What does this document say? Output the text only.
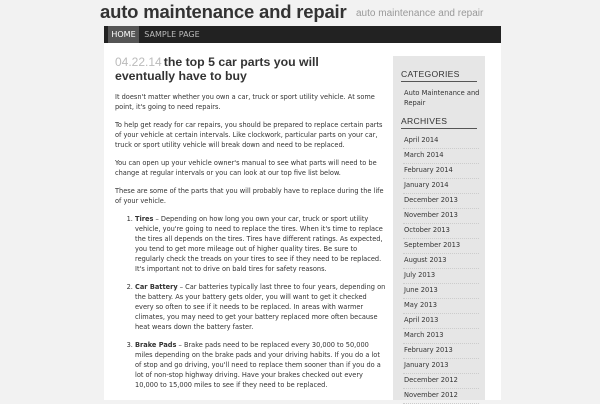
auto maintenance and repair auto maintenance and repair
HOME	SAMPLE PAGE
04.22.14 the top 5 car parts you will
eventually have to buy

It doesn't matter whether you own a car, truck or sport utility vehicle. At some point, it's going to need repairs.

To help get ready for car repairs, you should be prepared to replace certain parts of your vehicle at certain intervals. Like clockwork, particular parts on your car, truck or sport utility vehicle will break down and need to be replaced.

You can open up your vehicle owner's manual to see what parts will need to be change at regular intervals or you can look at our top five list below.

These are some of the parts that you will probably have to replace during the life of your vehicle.

1. Tires – Depending on how long you own your car, truck or sport utility vehicle, you're going to need to replace the tires. When it's time to replace the tires all depends on the tires. Tires have different ratings. As expected, you tend to get more mileage out of higher quality tires. Be sure to regularly check the treads on your tires to see if they need to be replaced. It's important not to drive on bald tires for safety reasons.
2. Car Battery – Car batteries typically last three to four years, depending on the battery. As your battery gets older, you will want to get it checked every so often to see if it needs to be replaced. In areas with warmer climates, you may need to get your battery replaced more often because heat wears down the battery faster.
3. Brake Pads – Brake pads need to be replaced every 30,000 to 50,000 miles depending on the brake pads and your driving habits. If you do a lot of stop and go driving, you'll need to replace them sooner than if you do a lot of non-stop highway driving. Have your brakes checked out every 10,000 to 15,000 miles to see if they need to be replaced.
CATEGORIES
Auto Maintenance and Repair
ARCHIVES
April 2014
March 2014
February 2014
January 2014
December 2013
November 2013
October 2013
September 2013
August 2013
July 2013
June 2013
May 2013
April 2013
March 2013
February 2013
January 2013
December 2012
November 2012
